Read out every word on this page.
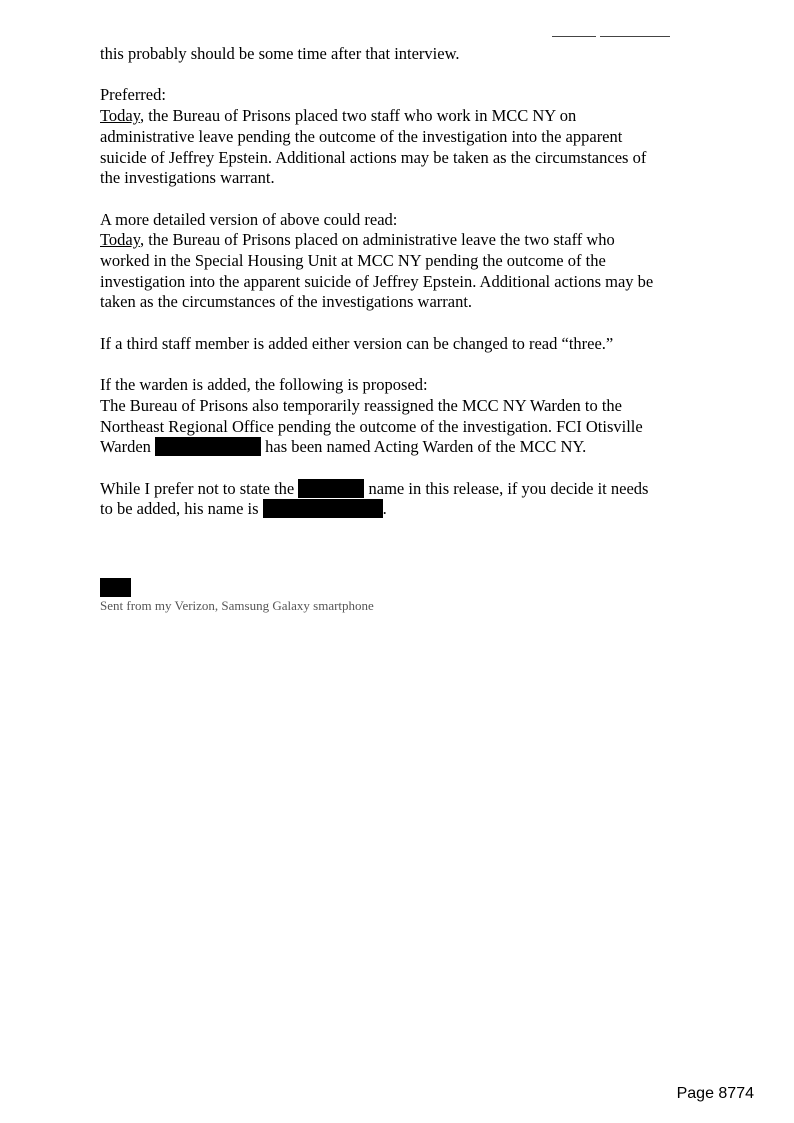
this probably should be some time after that interview.
Preferred:
Today, the Bureau of Prisons placed two staff who work in MCC NY on
administrative leave pending the outcome of the investigation into the apparent
suicide of Jeffrey Epstein. Additional actions may be taken as the circumstances of
the investigations warrant.
A more detailed version of above could read:
Today, the Bureau of Prisons placed on administrative leave the two staff who
worked in the Special Housing Unit at MCC NY pending the outcome of the
investigation into the apparent suicide of Jeffrey Epstein. Additional actions may be
taken as the circumstances of the investigations warrant.
If a third staff member is added either version can be changed to read “three.”
If the warden is added, the following is proposed:
The Bureau of Prisons also temporarily reassigned the MCC NY Warden to the
Northeast Regional Office pending the outcome of the investigation. FCI Otisville
Warden	has been named Acting Warden of the MCC NY.
While I prefer not to state the	name in this release, if you decide it needs
to be added, his name is	.
Sent from my Verizon, Samsung Galaxy smartphone
Page 8774
